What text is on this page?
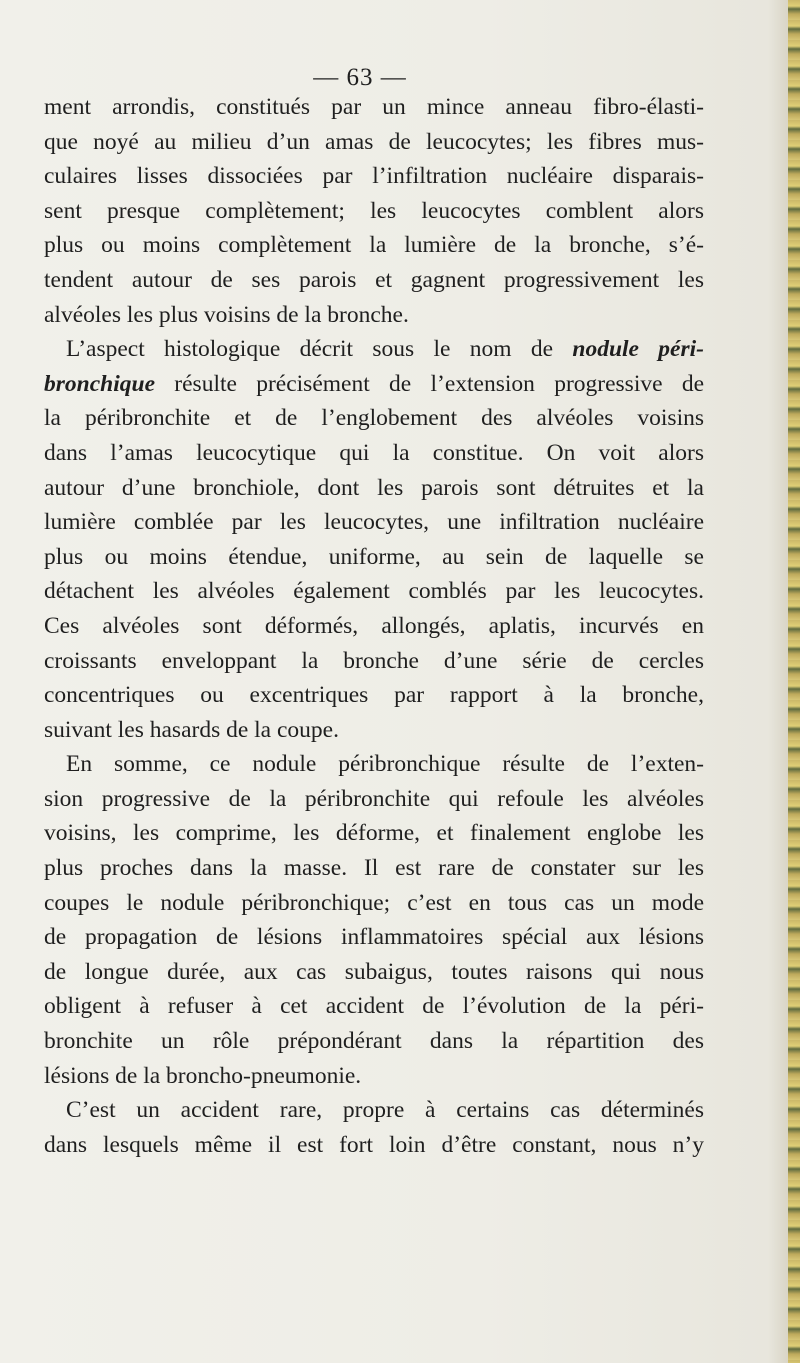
— 63 —
ment arrondis, constitués par un mince anneau fibro-élasti-
que noyé au milieu d’un amas de leucocytes; les fibres mus-
culaires lisses dissociées par l’infiltration nucléaire disparais-
sent presque complètement; les leucocytes comblent alors
plus ou moins complètement la lumière de la bronche, s’é-
tendent autour de ses parois et gagnent progressivement les
alvéoles les plus voisins de la bronche.
L’aspect histologique décrit sous le nom de nodule péri-
bronchique résulte précisément de l’extension progressive de
la péribronchite et de l’englobement des alvéoles voisins
dans l’amas leucocytique qui la constitue. On voit alors
autour d’une bronchiole, dont les parois sont détruites et la
lumière comblée par les leucocytes, une infiltration nucléaire
plus ou moins étendue, uniforme, au sein de laquelle se
détachent les alvéoles également comblés par les leucocytes.
Ces alvéoles sont déformés, allongés, aplatis, incurvés en
croissants enveloppant la bronche d’une série de cercles
concentriques ou excentriques par rapport à la bronche,
suivant les hasards de la coupe.
En somme, ce nodule péribronchique résulte de l’exten-
sion progressive de la péribronchite qui refoule les alvéoles
voisins, les comprime, les déforme, et finalement englobe les
plus proches dans la masse. Il est rare de constater sur les
coupes le nodule péribronchique; c’est en tous cas un mode
de propagation de lésions inflammatoires spécial aux lésions
de longue durée, aux cas subaigus, toutes raisons qui nous
obligent à refuser à cet accident de l’évolution de la péri-
bronchite un rôle prépondérant dans la répartition des
lésions de la broncho-pneumonie.
C’est un accident rare, propre à certains cas déterminés
dans lesquels même il est fort loin d’être constant, nous n’y
